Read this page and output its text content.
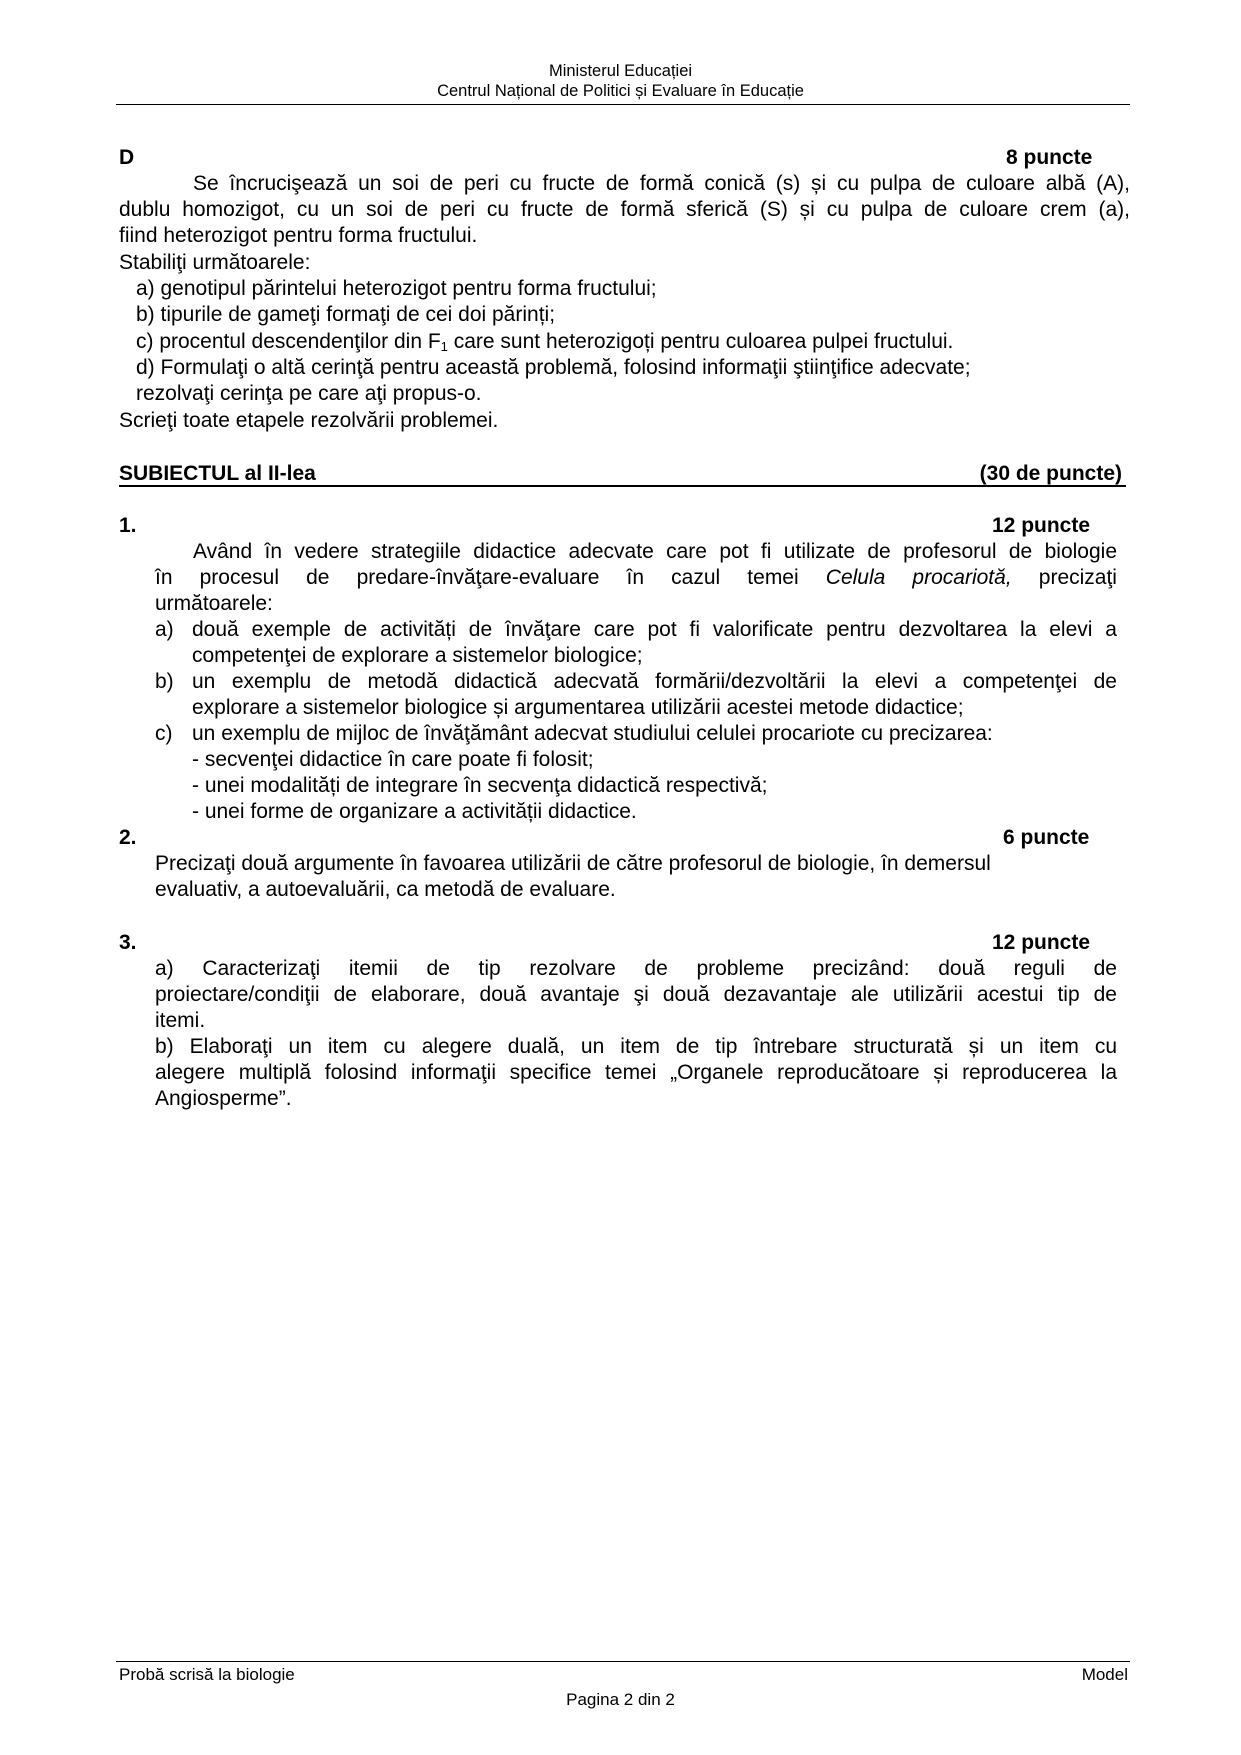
Ministerul Educației
Centrul Național de Politici și Evaluare în Educație
D	8 puncte
Se încrucişează un soi de peri cu fructe de formă conică (s) și cu pulpa de culoare albă (A),
dublu homozigot, cu un soi de peri cu fructe de formă sferică (S) și cu pulpa de culoare crem (a),
fiind heterozigot pentru forma fructului.
Stabiliţi următoarele:
a) genotipul părintelui heterozigot pentru forma fructului;
b) tipurile de gameţi formaţi de cei doi părinți;
c) procentul descendenţilor din $F_1$ care sunt heterozigoți pentru culoarea pulpei fructului.
d) Formulaţi o altă cerinţă pentru această problemă, folosind informaţii ştiinţifice adecvate;
rezolvaţi cerinţa pe care aţi propus-o.
Scrieţi toate etapele rezolvării problemei.
SUBIECTUL al II-lea	(30 de puncte)
1.	12 puncte
Având în vedere strategiile didactice adecvate care pot fi utilizate de profesorul de biologie
în procesul de predare-învăţare-evaluare în cazul temei Celula procariotă, precizaţi
următoarele:
a) două exemple de activități de învăţare care pot fi valorificate pentru dezvoltarea la elevi a
competenţei de explorare a sistemelor biologice;
b) un exemplu de metodă didactică adecvată formării/dezvoltării la elevi a competenţei de
explorare a sistemelor biologice și argumentarea utilizării acestei metode didactice;
c) un exemplu de mijloc de învăţământ adecvat studiului celulei procariote cu precizarea:
- secvenţei didactice în care poate fi folosit;
- unei modalități de integrare în secvenţa didactică respectivă;
- unei forme de organizare a activității didactice.
2.	6 puncte
Precizaţi două argumente în favoarea utilizării de către profesorul de biologie, în demersul
evaluativ, a autoevaluării, ca metodă de evaluare.
3.	12 puncte
a) Caracterizaţi itemii de tip rezolvare de probleme precizând: două reguli de
proiectare/condiţii de elaborare, două avantaje şi două dezavantaje ale utilizării acestui tip de
itemi.
b) Elaboraţi un item cu alegere duală, un item de tip întrebare structurată și un item cu
alegere multiplă folosind informaţii specifice temei „Organele reproducătoare și reproducerea la
Angiosperme”.
Probă scrisă la biologie	Model
Pagina 2 din 2
